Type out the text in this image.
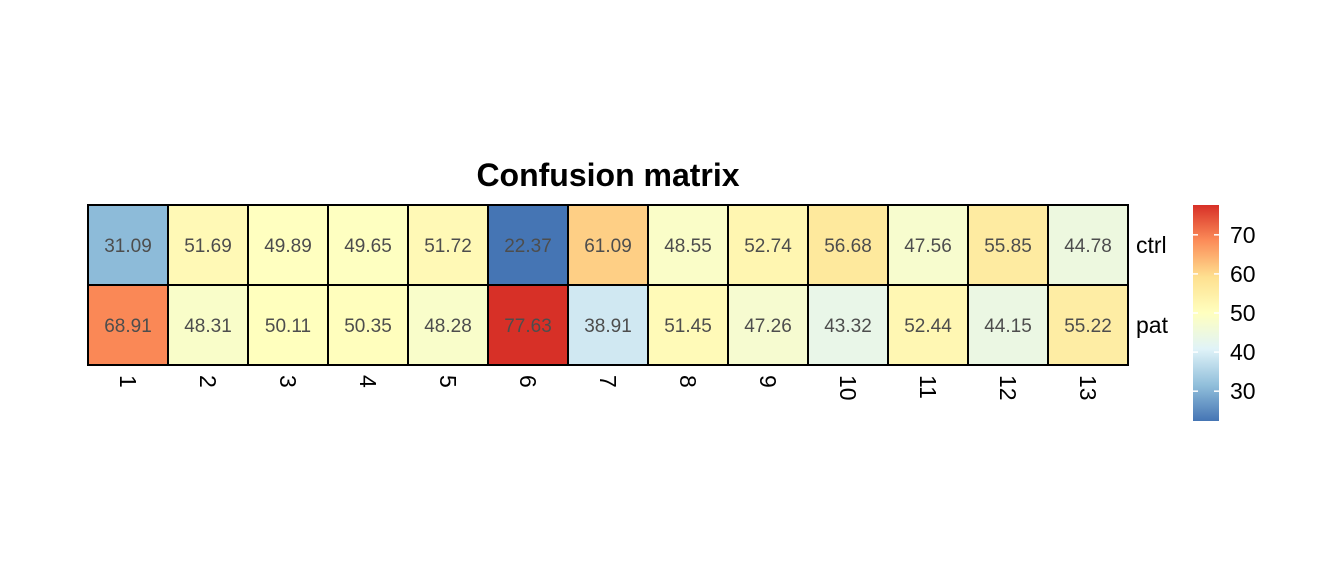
Confusion matrix
31.09 51.69 49.89 49.65 51.72 22.37 61.09 48.55 52.74 56.68 47.56 55.85 44.78
68.91 48.31 50.11 50.35 48.28 77.63 38.91 51.45 47.26 43.32 52.44 44.15 55.22
ctrl
pat
1 2 3 4 5 6 7 8 9 10 11 12 13	30
40
50
60
70
